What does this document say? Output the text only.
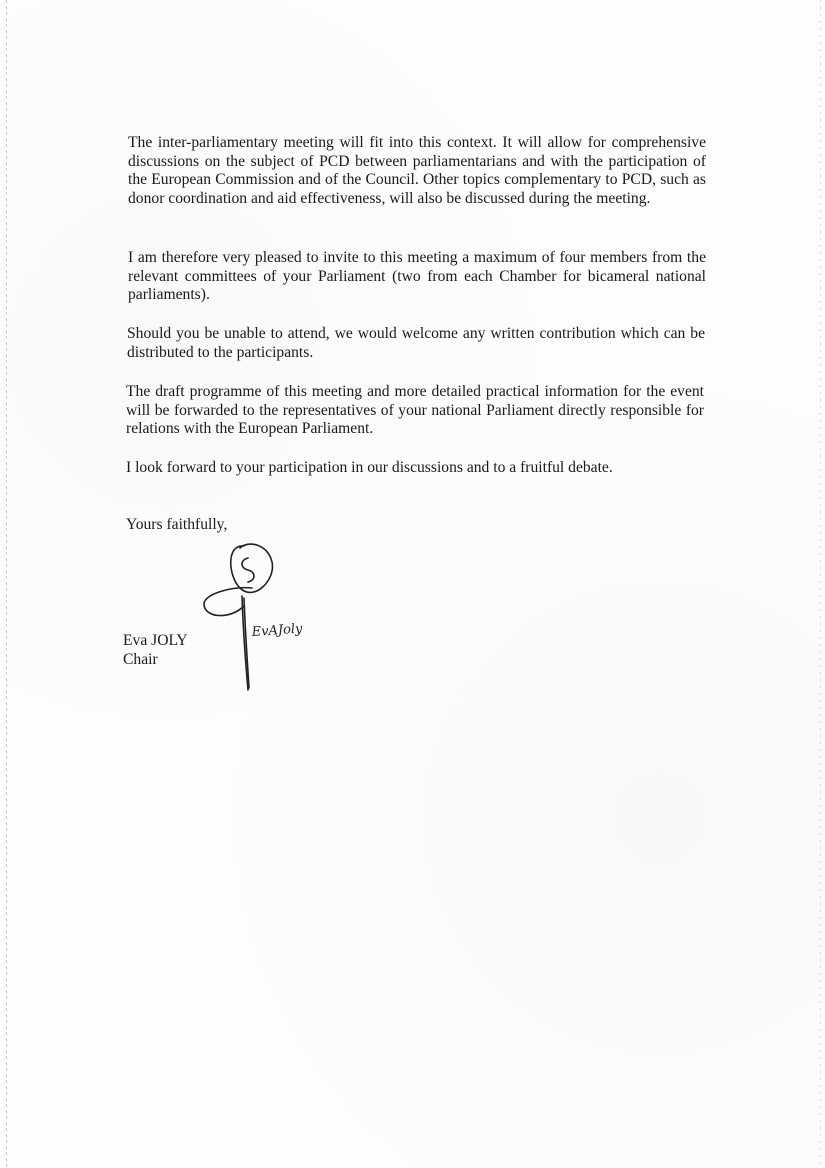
The inter-parliamentary meeting will fit into this context. It will allow for comprehensive discussions on the subject of PCD between parliamentarians and with the participation of the European Commission and of the Council. Other topics complementary to PCD, such as donor coordination and aid effectiveness, will also be discussed during the meeting.

I am therefore very pleased to invite to this meeting a maximum of four members from the relevant committees of your Parliament (two from each Chamber for bicameral national parliaments).

Should you be unable to attend, we would welcome any written contribution which can be distributed to the participants.

The draft programme of this meeting and more detailed practical information for the event will be forwarded to the representatives of your national Parliament directly responsible for relations with the European Parliament.

I look forward to your participation in our discussions and to a fruitful debate.

Yours faithfully,

EvAJoly
Eva JOLY
Chair
